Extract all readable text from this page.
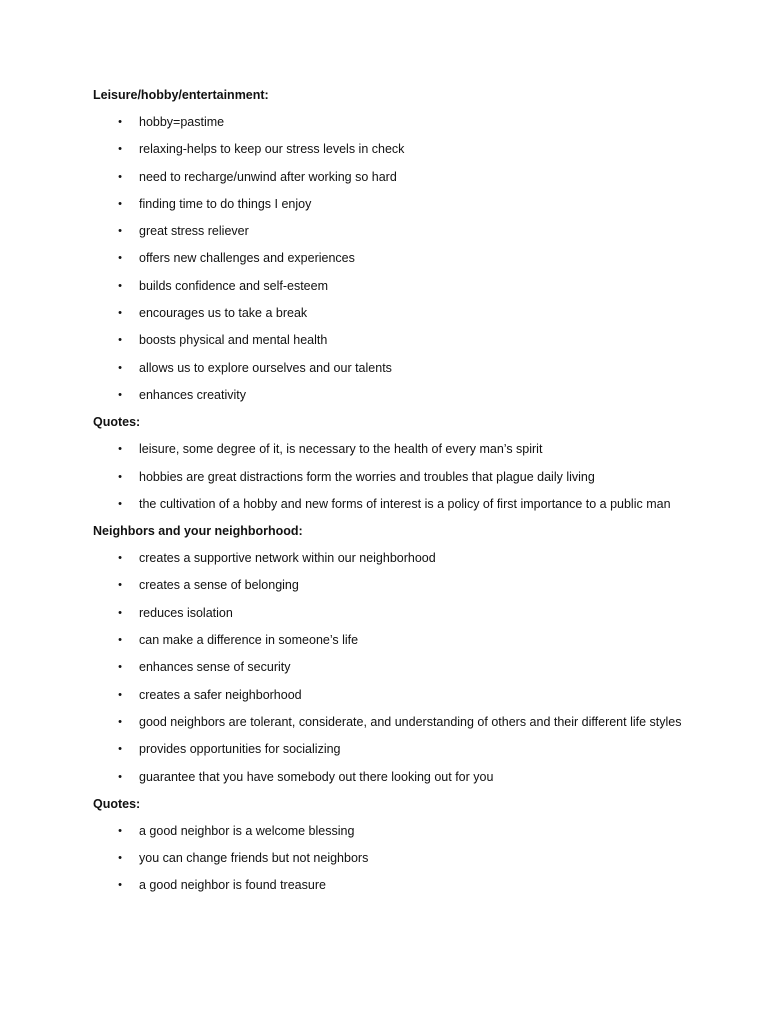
Leisure/hobby/entertainment:
• hobby=pastime
• relaxing-helps to keep our stress levels in check
• need to recharge/unwind after working so hard
• finding time to do things I enjoy
• great stress reliever
• offers new challenges and experiences
• builds confidence and self-esteem
• encourages us to take a break
• boosts physical and mental health
• allows us to explore ourselves and our talents
• enhances creativity
Quotes:
• leisure, some degree of it, is necessary to the health of every man’s spirit
• hobbies are great distractions form the worries and troubles that plague daily living
• the cultivation of a hobby and new forms of interest is a policy of first importance to a public man
Neighbors and your neighborhood:
• creates a supportive network within our neighborhood
• creates a sense of belonging
• reduces isolation
• can make a difference in someone’s life
• enhances sense of security
• creates a safer neighborhood
• good neighbors are tolerant, considerate, and understanding of others and their different life styles
• provides opportunities for socializing
• guarantee that you have somebody out there looking out for you
Quotes:
• a good neighbor is a welcome blessing
• you can change friends but not neighbors
• a good neighbor is found treasure
